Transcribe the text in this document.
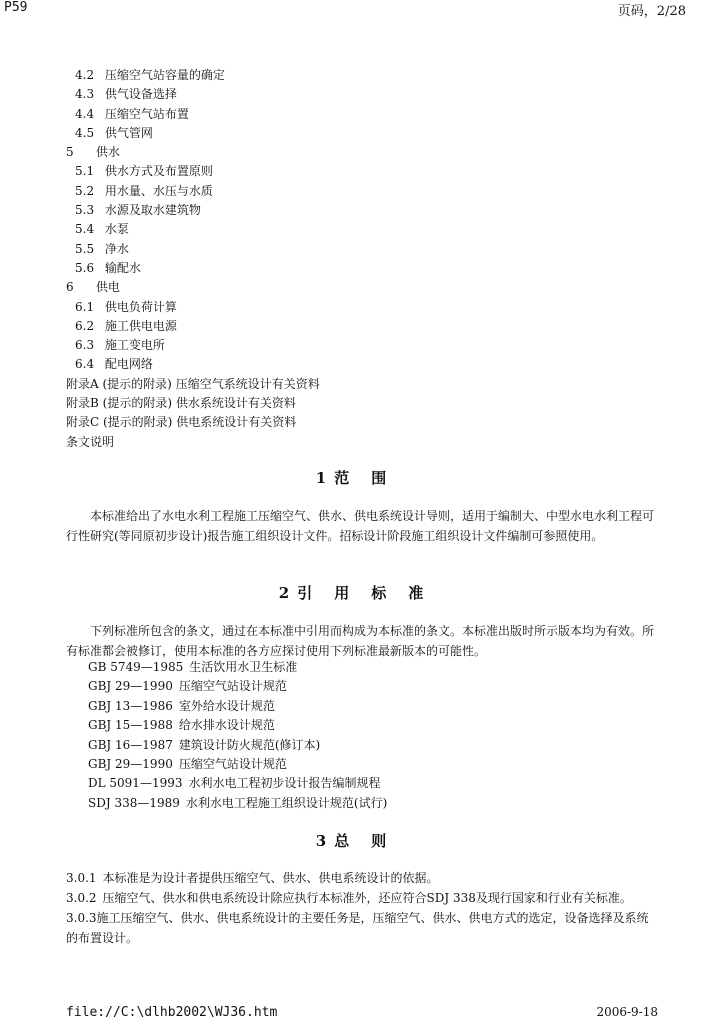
P59	页码，2/28
4.2 压缩空气站容量的确定
4.3 供气设备选择
4.4 压缩空气站布置
4.5 供气管网
5 供水
5.1 供水方式及布置原则
5.2 用水量、水压与水质
5.3 水源及取水建筑物
5.4 水泵
5.5 净水
5.6 输配水
6 供电
6.1 供电负荷计算
6.2 施工供电电源
6.3 施工变电所
6.4 配电网络
附录A (提示的附录) 压缩空气系统设计有关资料
附录B (提示的附录) 供水系统设计有关资料
附录C (提示的附录) 供电系统设计有关资料
条文说明
1 范围

本标准给出了水电水利工程施工压缩空气、供水、供电系统设计导则，适用于编制大、中型水电水利工程可行性研究(等同原初步设计)报告施工组织设计文件。招标设计阶段施工组织设计文件编制可参照使用。

2 引用标准

下列标准所包含的条文，通过在本标准中引用而构成为本标准的条文。本标准出版时所示版本均为有效。所有标准都会被修订，使用本标准的各方应探讨使用下列标准最新版本的可能性。

GB 5749—1985 生活饮用水卫生标准
GBJ 29—1990 压缩空气站设计规范
GBJ 13—1986 室外给水设计规范
GBJ 15—1988 给水排水设计规范
GBJ 16—1987 建筑设计防火规范(修订本)
GBJ 29—1990 压缩空气站设计规范
DL 5091—1993 水利水电工程初步设计报告编制规程
SDJ 338—1989 水利水电工程施工组织设计规范(试行)
3 总则
3.0.1 本标准是为设计者提供压缩空气、供水、供电系统设计的依据。
3.0.2 压缩空气、供水和供电系统设计除应执行本标准外，还应符合SDJ 338及现行国家和行业有关标准。
3.0.3施工压缩空气、供水、供电系统设计的主要任务是，压缩空气、供水、供电方式的选定，设备选择及系统的布置设计。
file://C:\dlhb2002\WJ36.htm	2006-9-18
